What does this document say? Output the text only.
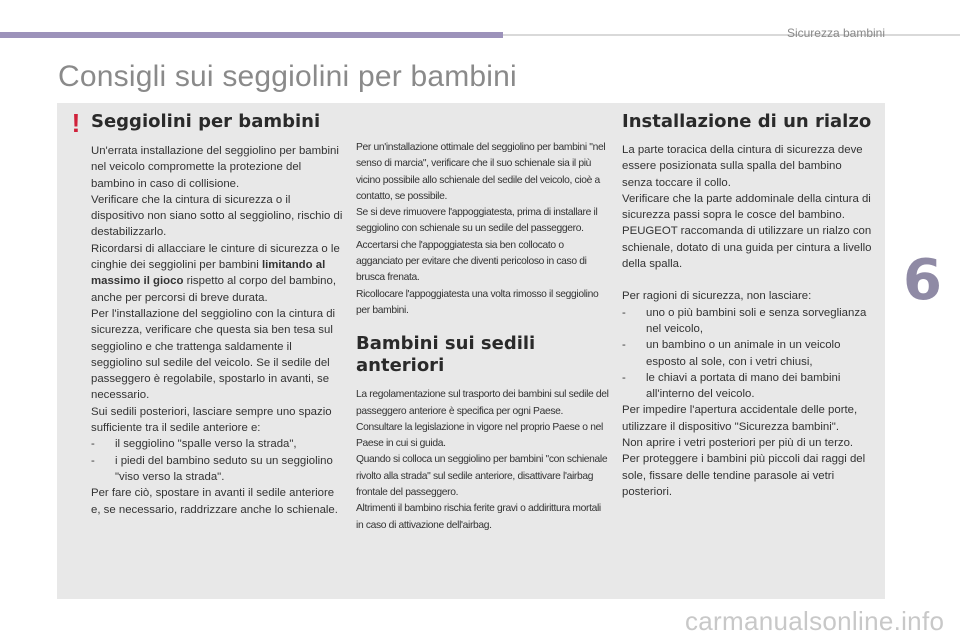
Sicurezza bambini
Consigli sui seggiolini per bambini
! Seggiolini per bambini
Un'errata installazione del seggiolino per bambini nel veicolo compromette la protezione del bambino in caso di collisione.
Verificare che la cintura di sicurezza o il dispositivo non siano sotto al seggiolino, rischio di destabilizzarlo.
Ricordarsi di allacciare le cinture di sicurezza o le cinghie dei seggiolini per bambini limitando al massimo il gioco rispetto al corpo del bambino, anche per percorsi di breve durata.
Per l'installazione del seggiolino con la cintura di sicurezza, verificare che questa sia ben tesa sul seggiolino e che trattenga saldamente il seggiolino sul sedile del veicolo. Se il sedile del passeggero è regolabile, spostarlo in avanti, se necessario.
Sui sedili posteriori, lasciare sempre uno spazio sufficiente tra il sedile anteriore e:
- il seggiolino "spalle verso la strada",
- i piedi del bambino seduto su un seggiolino "viso verso la strada".
Per fare ciò, spostare in avanti il sedile anteriore e, se necessario, raddrizzare anche lo schienale.
Per un'installazione ottimale del seggiolino per bambini "nel senso di marcia", verificare che il suo schienale sia il più vicino possibile allo schienale del sedile del veicolo, cioè a contatto, se possibile.
Se si deve rimuovere l'appoggiatesta, prima di installare il seggiolino con schienale su un sedile del passeggero.
Accertarsi che l'appoggiatesta sia ben collocato o agganciato per evitare che diventi pericoloso in caso di brusca frenata.
Ricollocare l'appoggiatesta una volta rimosso il seggiolino per bambini.
Bambini sui sedili anteriori
La regolamentazione sul trasporto dei bambini sul sedile del passeggero anteriore è specifica per ogni Paese. Consultare la legislazione in vigore nel proprio Paese o nel Paese in cui si guida.
Quando si colloca un seggiolino per bambini "con schienale rivolto alla strada" sul sedile anteriore, disattivare l'airbag frontale del passeggero.
Altrimenti il bambino rischia ferite gravi o addirittura mortali in caso di attivazione dell'airbag.
Installazione di un rialzo
La parte toracica della cintura di sicurezza deve essere posizionata sulla spalla del bambino senza toccare il collo.
Verificare che la parte addominale della cintura di sicurezza passi sopra le cosce del bambino.
PEUGEOT raccomanda di utilizzare un rialzo con schienale, dotato di una guida per cintura a livello della spalla.
Per ragioni di sicurezza, non lasciare:
- uno o più bambini soli e senza sorveglianza nel veicolo,
- un bambino o un animale in un veicolo esposto al sole, con i vetri chiusi,
- le chiavi a portata di mano dei bambini all'interno del veicolo.
Per impedire l'apertura accidentale delle porte, utilizzare il dispositivo "Sicurezza bambini".
Non aprire i vetri posteriori per più di un terzo.
Per proteggere i bambini più piccoli dai raggi del sole, fissare delle tendine parasole ai vetri posteriori.
6
carmanualsonline.info
